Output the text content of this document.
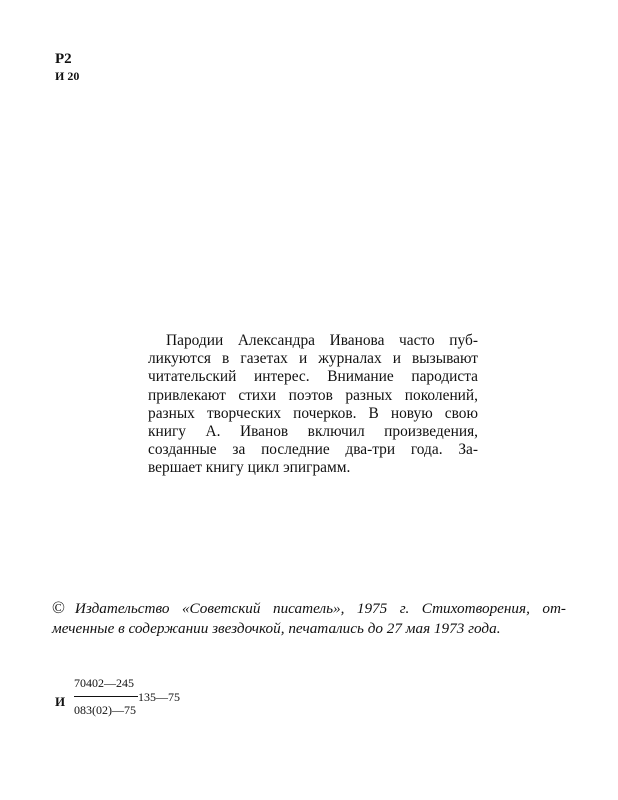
Р2
И 20
Пародии Александра Иванова часто пуб-
ликуются в газетах и журналах и вызывают
читательский интерес. Внимание пародиста
привлекают стихи поэтов разных поколений,
разных творческих почерков. В новую свою
книгу А. Иванов включил произведения,
созданные за последние два-три года. За-
вершает книгу цикл эпиграмм.
© Издательство «Советский писатель», 1975 г. Стихотворения, от-
меченные в содержании звездочкой, печатались до 27 мая 1973 года.
И
70402—245
083(02)—75
135—75
